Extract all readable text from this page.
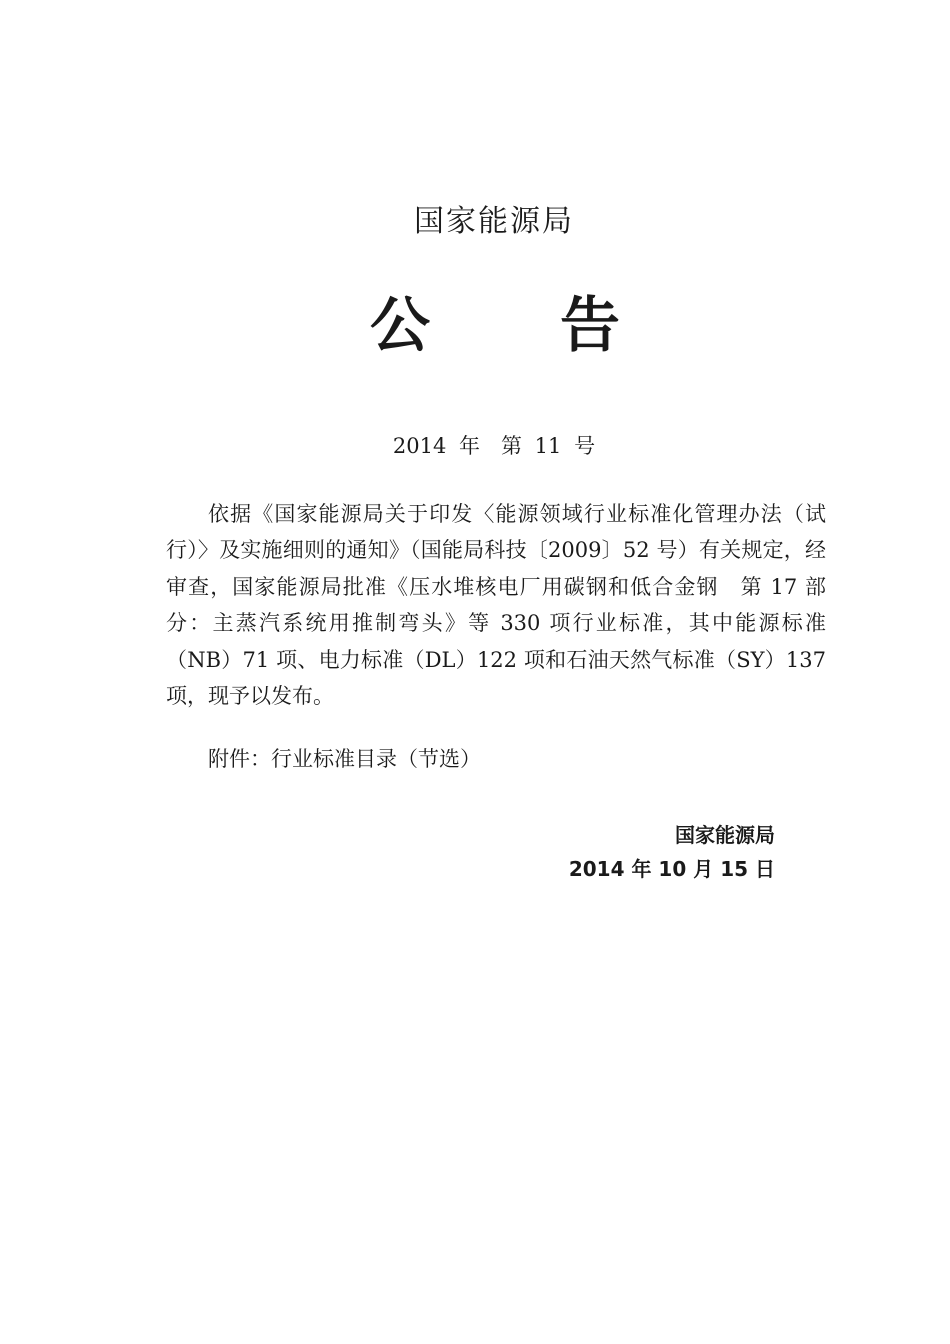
国家能源局
公 告
2014 年　第 11 号

依据《国家能源局关于印发〈能源领域行业标准化管理办法（试行）〉及实施细则的通知》（国能局科技〔2009〕52 号）有关规定，经审查，国家能源局批准《压水堆核电厂用碳钢和低合金钢　第 17 部分：主蒸汽系统用推制弯头》等 330 项行业标准，其中能源标准（NB）71 项、电力标准（DL）122 项和石油天然气标准（SY）137 项，现予以发布。

附件：行业标准目录（节选）
国家能源局
2014 年 10 月 15 日
